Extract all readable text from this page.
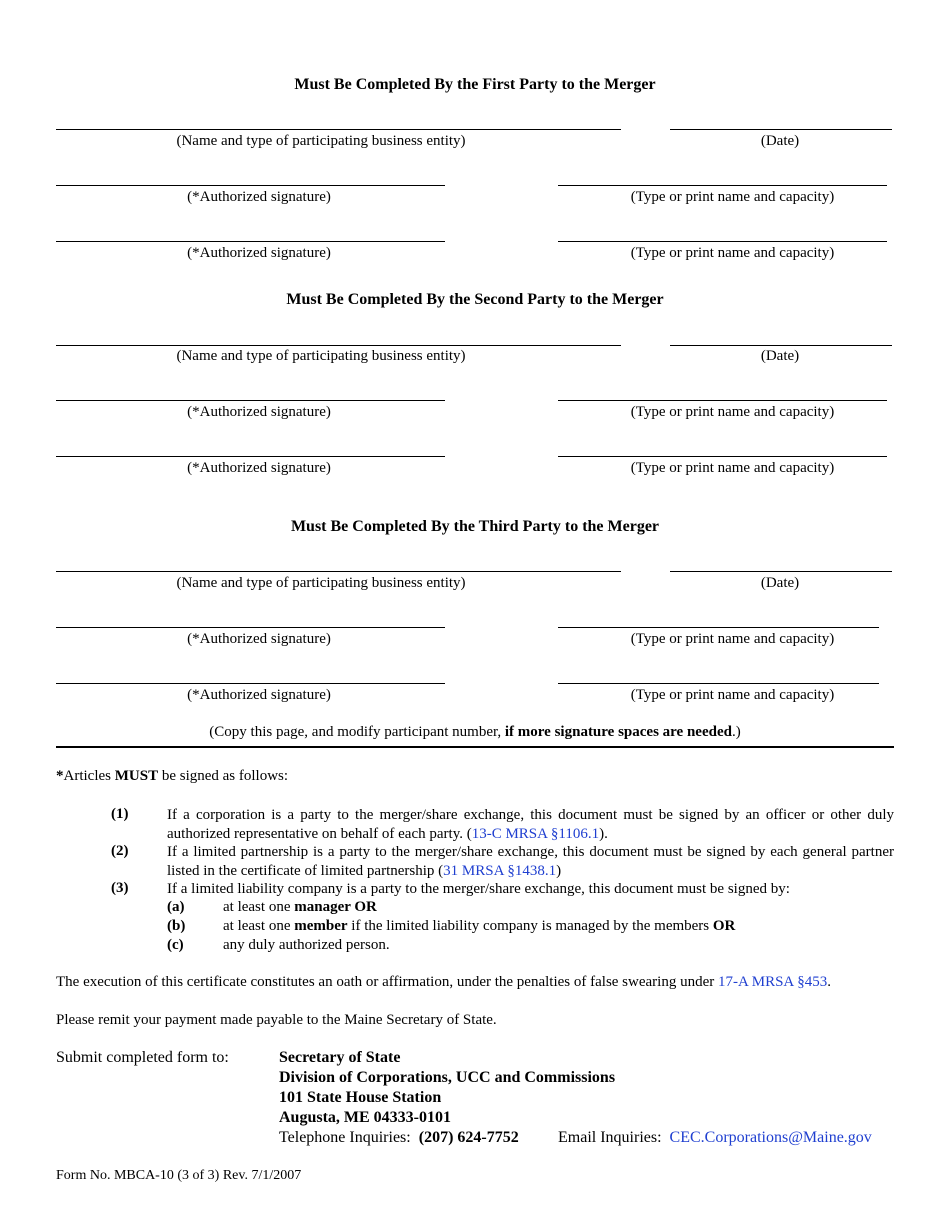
Must Be Completed By the First Party to the Merger
(Name and type of participating business entity)	(Date)
(*Authorized signature)	(Type or print name and capacity)
(*Authorized signature)	(Type or print name and capacity)
Must Be Completed By the Second Party to the Merger
(Name and type of participating business entity)	(Date)
(*Authorized signature)	(Type or print name and capacity)
(*Authorized signature)	(Type or print name and capacity)
Must Be Completed By the Third Party to the Merger
(Name and type of participating business entity)	(Date)
(*Authorized signature)	(Type or print name and capacity)
(*Authorized signature)	(Type or print name and capacity)
(Copy this page, and modify participant number, if more signature spaces are needed.)
*Articles MUST be signed as follows:
(1)	If a corporation is a party to the merger/share exchange, this document must be signed by an officer or other duly authorized representative on behalf of each party. (13-C MRSA §1106.1).
(2)	If a limited partnership is a party to the merger/share exchange, this document must be signed by each general partner listed in the certificate of limited partnership (31 MRSA §1438.1)
(3)	If a limited liability company is a party to the merger/share exchange, this document must be signed by:
(a)	at least one manager OR
(b)	at least one member if the limited liability company is managed by the members OR
(c)	any duly authorized person.
The execution of this certificate constitutes an oath or affirmation, under the penalties of false swearing under 17-A MRSA §453.
Please remit your payment made payable to the Maine Secretary of State.
Submit completed form to:	Secretary of State
Division of Corporations, UCC and Commissions
101 State House Station
Augusta, ME 04333-0101
Telephone Inquiries: (207) 624-7752 Email Inquiries: CEC.Corporations@Maine.gov
Form No. MBCA-10 (3 of 3) Rev. 7/1/2007
